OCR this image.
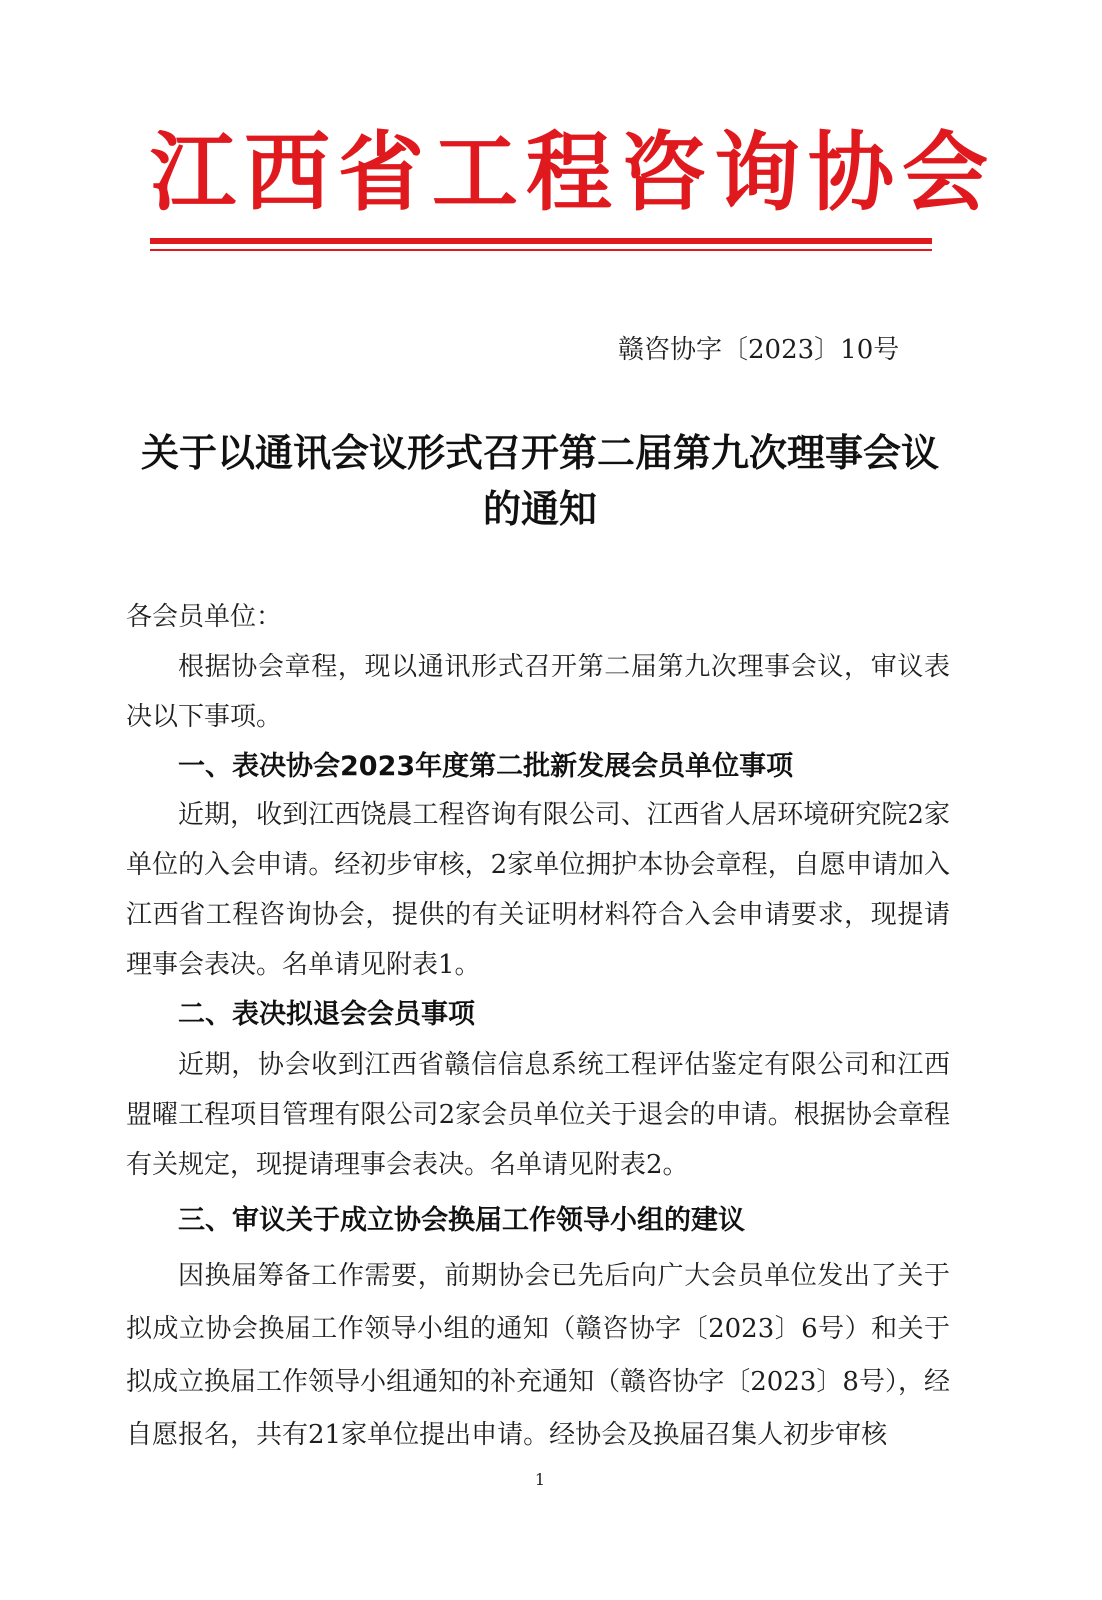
江西省工程咨询协会
赣咨协字〔2023〕10号
关于以通讯会议形式召开第二届第九次理事会议的通知
各会员单位：
根据协会章程，现以通讯形式召开第二届第九次理事会议，审议表决以下事项。
一、表决协会2023年度第二批新发展会员单位事项
近期，收到江西饶晨工程咨询有限公司、江西省人居环境研究院2家单位的入会申请。经初步审核，2家单位拥护本协会章程，自愿申请加入江西省工程咨询协会，提供的有关证明材料符合入会申请要求，现提请理事会表决。名单请见附表1。
二、表决拟退会会员事项
近期，协会收到江西省赣信信息系统工程评估鉴定有限公司和江西盟曜工程项目管理有限公司2家会员单位关于退会的申请。根据协会章程有关规定，现提请理事会表决。名单请见附表2。
三、审议关于成立协会换届工作领导小组的建议
因换届筹备工作需要，前期协会已先后向广大会员单位发出了关于拟成立协会换届工作领导小组的通知（赣咨协字〔2023〕6号）和关于拟成立换届工作领导小组通知的补充通知（赣咨协字〔2023〕8号），经自愿报名，共有21家单位提出申请。经协会及换届召集人初步审核
1
